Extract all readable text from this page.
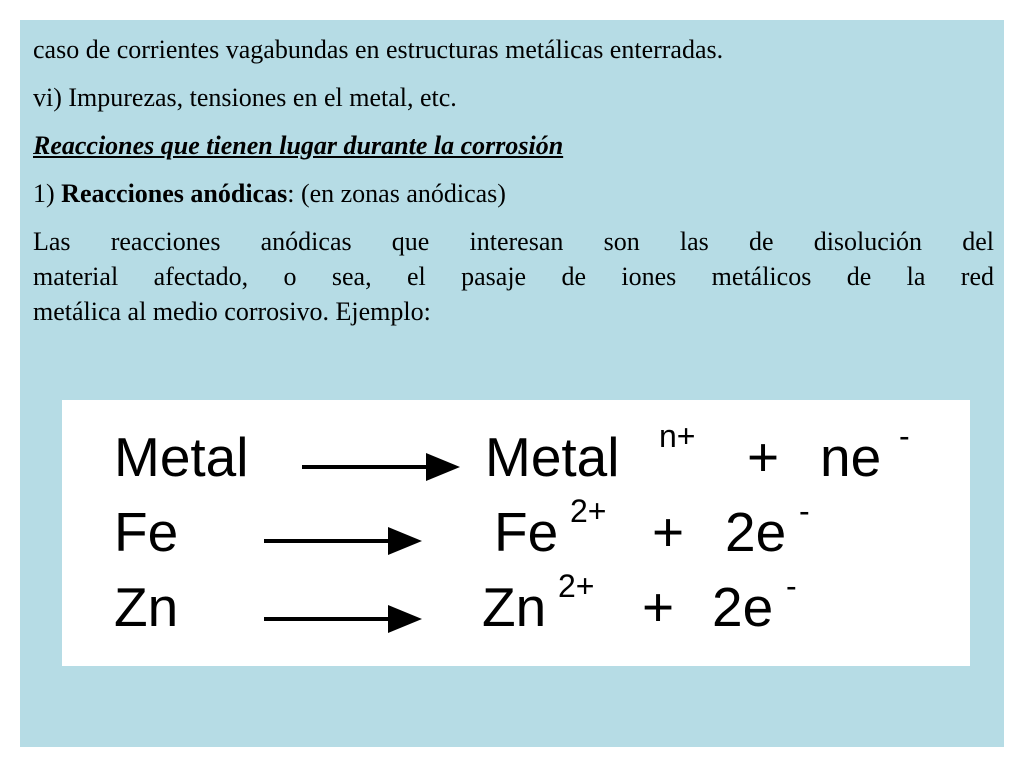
caso de corrientes vagabundas en estructuras metálicas enterradas.

vi) Impurezas, tensiones en el metal, etc.

Reacciones que tienen lugar durante la corrosión

1) Reacciones anódicas: (en zonas anódicas)

Las reacciones anódicas que interesan son las de disolución del
material afectado, o sea, el pasaje de iones metálicos de la red
metálica al medio corrosivo. Ejemplo:

Metal	Metal n+ + ne -
Fe	Fe 2+ + 2e -
Zn	Zn 2+ + 2e -
